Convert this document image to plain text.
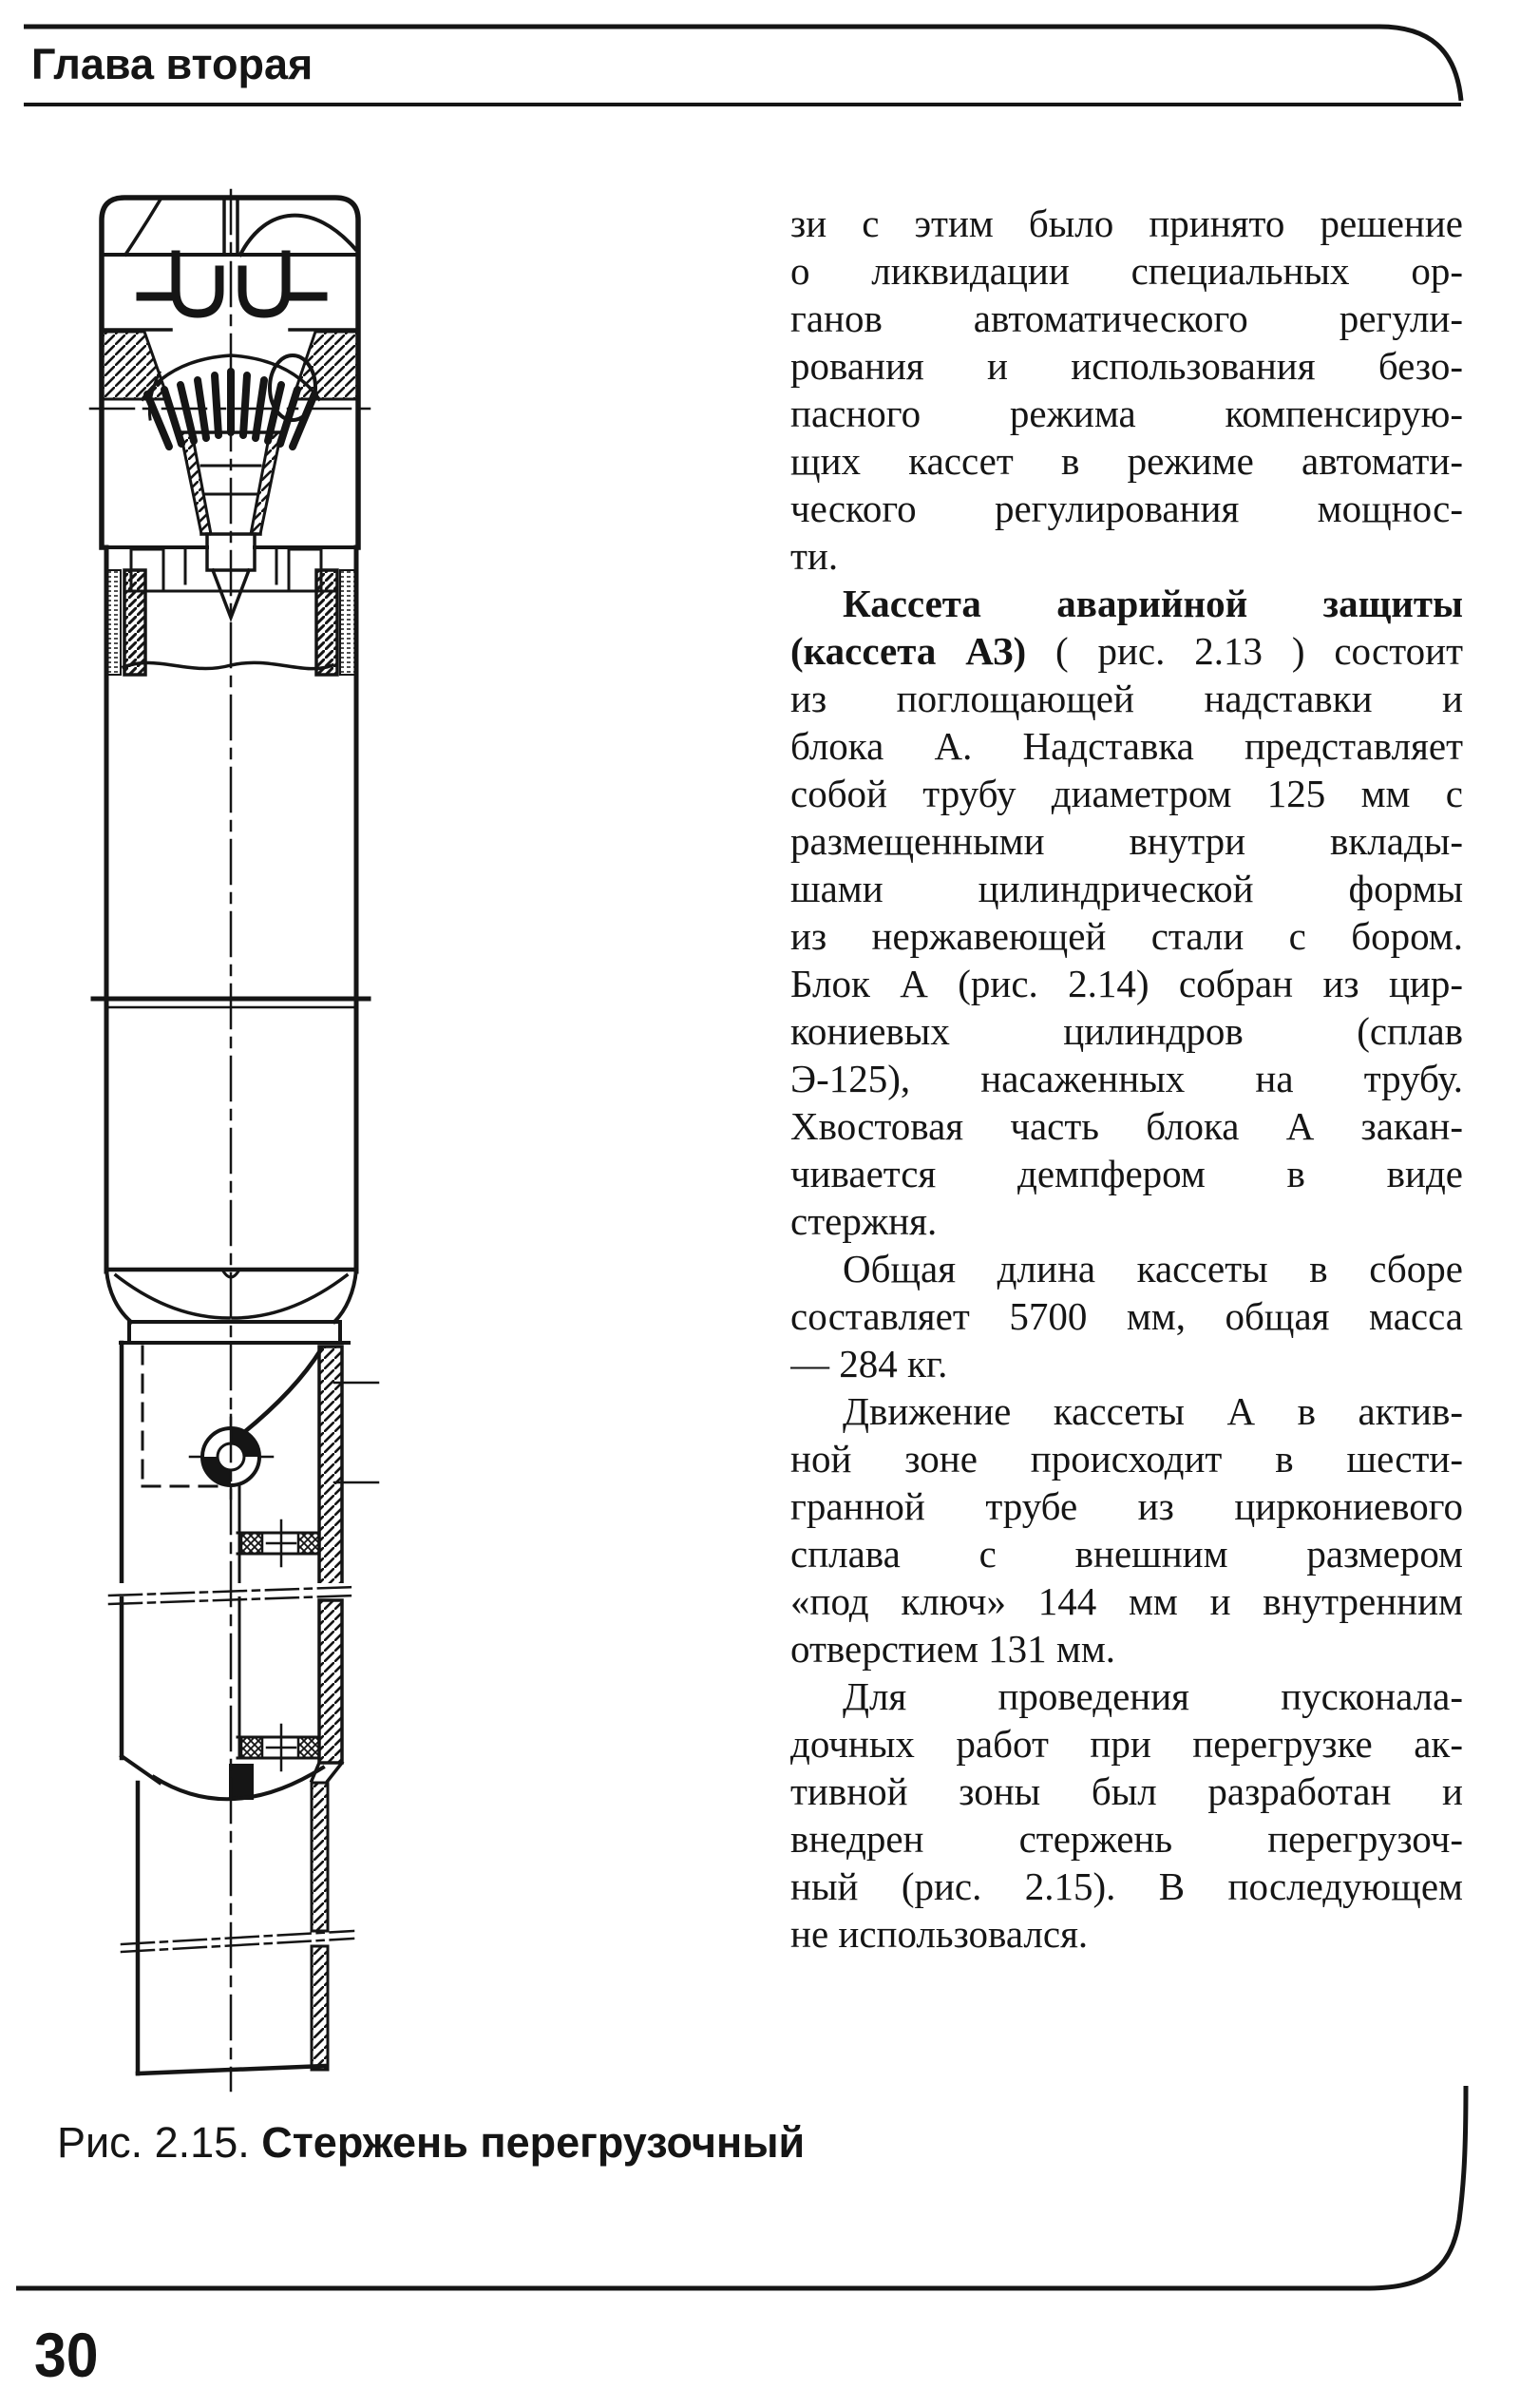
Глава вторая
зи с этим было принято решение
о ликвидации специальных ор-
ганов автоматического регули-
рования и использования безо-
пасного режима компенсирую-
щих кассет в режиме автомати-
ческого регулирования мощнос-
ти.
Кассета аварийной защиты
(кассета АЗ) ( рис. 2.13 ) состоит
из поглощающей надставки и
блока А. Надставка представляет
собой трубу диаметром 125 мм с
размещенными внутри вклады-
шами цилиндрической формы
из нержавеющей стали с бором.
Блок А (рис. 2.14) собран из цир-
кониевых цилиндров (сплав
Э-125), насаженных на трубу.
Хвостовая часть блока А закан-
чивается демпфером в виде
стержня.
Общая длина кассеты в сборе
составляет 5700 мм, общая масса
— 284 кг.
Движение кассеты А в актив-
ной зоне происходит в шести-
гранной трубе из циркониевого
сплава с внешним размером
«под ключ» 144 мм и внутренним
отверстием 131 мм.
Для проведения пусконала-
дочных работ при перегрузке ак-
тивной зоны был разработан и
внедрен стержень перегрузоч-
ный (рис. 2.15). В последующем
не использовался.
Рис. 2.15. Стержень перегрузочный
30
